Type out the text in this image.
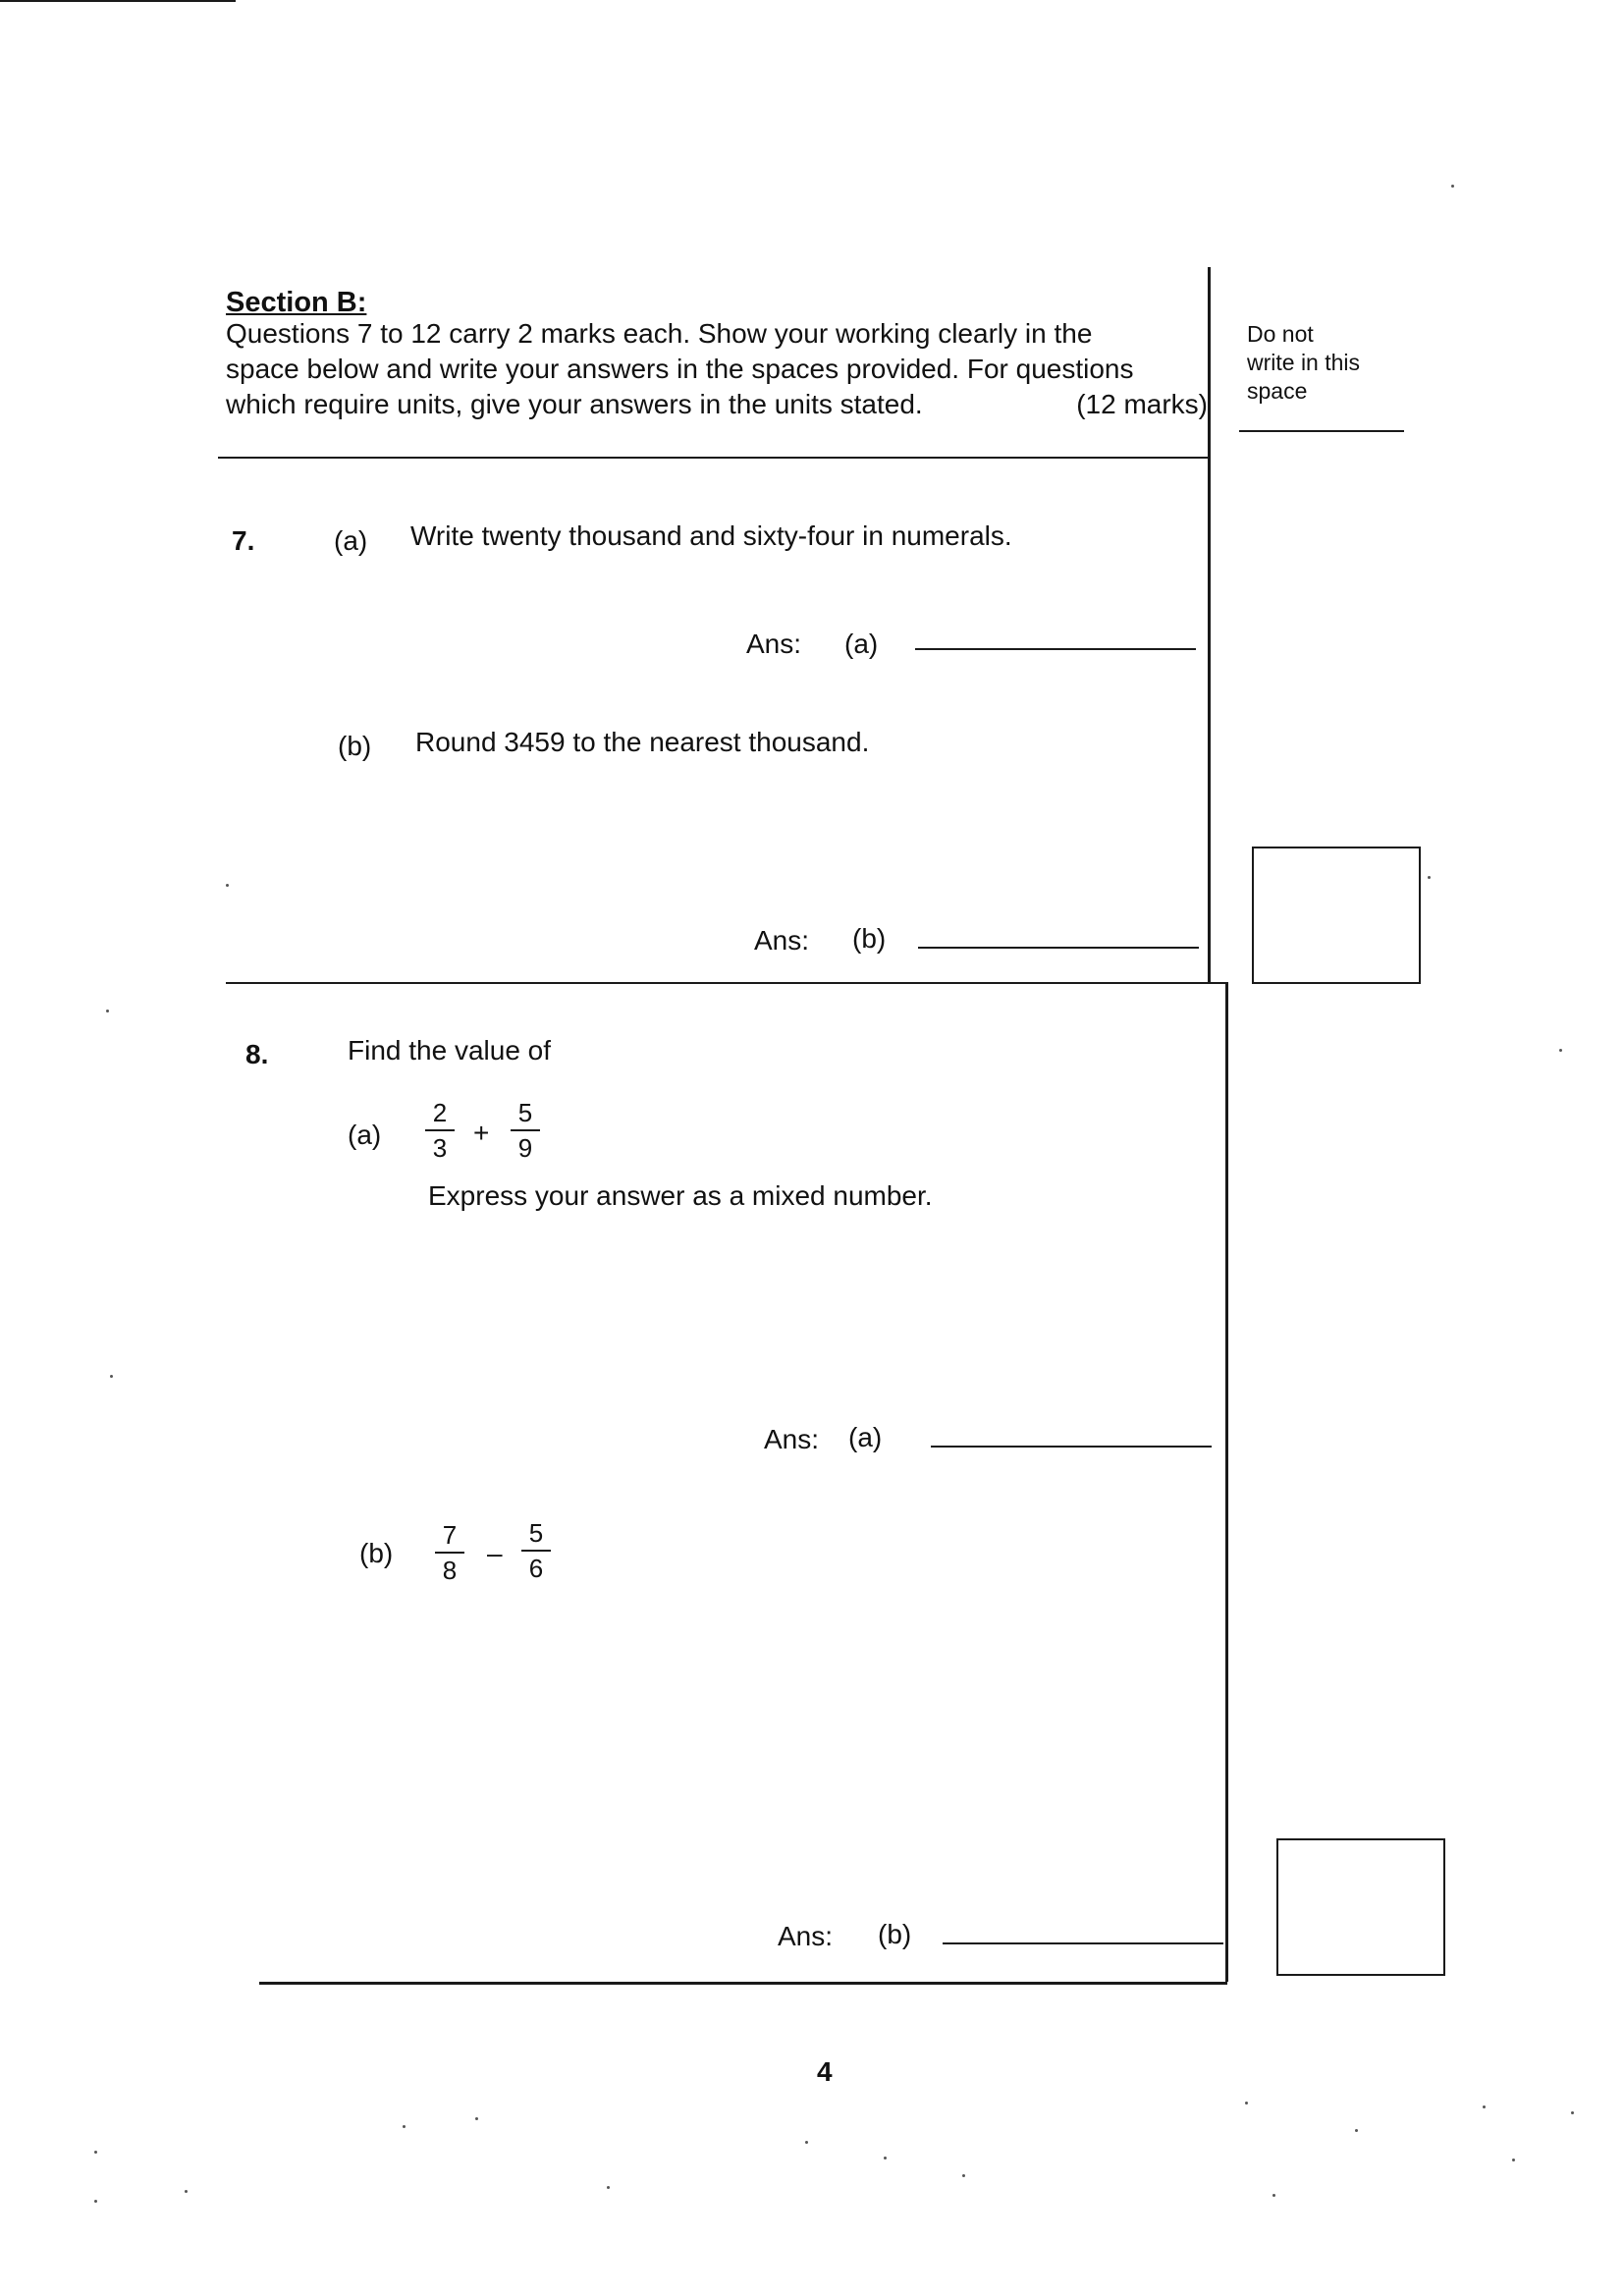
Section B:
Questions 7 to 12 carry 2 marks each. Show your working clearly in the
space below and write your answers in the spaces provided. For questions
which require units, give your answers in the units stated.	(12 marks)
Do not
write in this
space
7.	(a) Write twenty thousand and sixty-four in numerals.
Ans: (a)
(b) Round 3459 to the nearest thousand.
Ans: (b)
8.	Find the value of
(a)
2
3 +
5
9
Express your answer as a mixed number.
Ans: (a)
(b)
7
8
–
5
6
Ans: (b)
4
